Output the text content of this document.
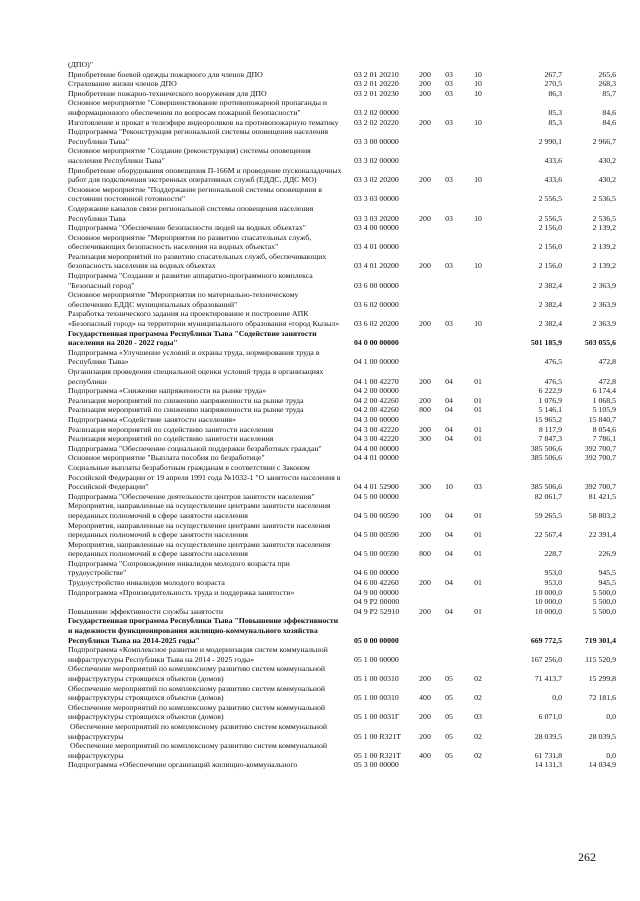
(ДПО)"
Приобретение боевой одежды пожарного для членов ДПО	03 2 01 20210	200	03	10	267,7	265,6
Страхование жизни членов ДПО	03 2 01 20220	200	03	10	270,5	268,3
Приобретение пожарно-технического вооружения для ДПО	03 2 01 20230	200	03	10	86,3	85,7
Основное мероприятие "Совершенствование противопожарной пропаганды и информационного обеспечения по вопросам пожарной безопасности"	03 2 02 00000	85,3	84,6
Изготовление и прокат в телеэфире видеороликов на противопожарную тематику	03 2 02 20220	200	03	10	85,3	84,6
Подпрограмма "Реконструкция региональной системы оповещения населения Республики Тыва"	03 3 00 00000	2 990,1	2 966,7
Основное мероприятие "Создание (реконструкция) системы оповещения населения Республики Тыва"	03 3 02 00000	433,6	430,2
Приобретение оборудования оповещения П-166М и проведение пусконаладочных работ для подключения экстренных оперативных служб (ЕДДС, ДДС МО)	03 3 02 20200	200	03	10	433,6	430,2
Основное мероприятие "Поддержание региональной системы оповещения в состоянии постоянной готовности"	03 3 03 00000	2 556,5	2 536,5
Содержание каналов связи региональной системы оповещения населения Республики Тыва	03 3 03 20200	200	03	10	2 556,5	2 536,5
Подпрограмма "Обеспечение безопасности людей на водных объектах"	03 4 00 00000	2 156,0	2 139,2
Основное мероприятие "Мероприятия по развитию спасательных служб, обеспечивающих безопасность населения на водных объектах"	03 4 01 00000	2 156,0	2 139,2
Реализация мероприятий по развитию спасательных служб, обеспечивающих безопасность населения на водных объектах	03 4 01 20200	200	03	10	2 156,0	2 139,2
Подпрограмма "Создание и развитие аппаратно-программного комплекса "Безопасный город"	03 6 00 00000	2 382,4	2 363,9
Основное мероприятие "Мероприятия по материально-техническому обеспечению ЕДДС муниципальных образований"	03 6 02 00000	2 382,4	2 363,9
Разработка технического задания на проектирование и построение АПК «Безопасный город» на территории муниципального образования «город Кызыл»	03 6 02 20200	200	03	10	2 382,4	2 363,9
Государственная программа Республики Тыва "Содействие занятости населения на 2020 - 2022 годы"	04 0 00 00000	501 185,9	503 055,6
Подпрограмма «Улучшение условий и охраны труда, нормирования труда в Республике Тыва»	04 1 00 00000	476,5	472,8
Организация проведения специальной оценки условий труда в организациях республики	04 1 00 42270	200	04	01	476,5	472,8
Подпрограмма «Снижение напряженности на рынке труда»	04 2 00 00000	6 222,9	6 174,4
Реализация мероприятий по снижению напряженности на рынке труда	04 2 00 42260	200	04	01	1 076,9	1 068,5
Реализация мероприятий по снижению напряженности на рынке труда	04 2 00 42260	800	04	01	5 146,1	5 105,9
Подпрограмма «Содействие занятости населения»	04 3 00 00000	15 965,2	15 840,7
Реализация мероприятий по содействию занятости населения	04 3 00 42220	200	04	01	8 117,9	8 054,6
Реализация мероприятий по содействию занятости населения	04 3 00 42220	300	04	01	7 847,3	7 786,1
Подпрограмма "Обеспечение социальной поддержки безработных граждан"	04 4 00 00000	385 506,6	392 700,7
Основное мероприятие "Выплата пособия по безработице"	04 4 01 00000	385 506,6	392 700,7
Социальные выплаты безработным гражданам в соответствии с Законом Российской Федерации от 19 апреля 1991 года №1032-1 "О занятости населения в Российской Федерации"	04 4 01 52900	300	10	03	385 506,6	392 700,7
Подпрограмма "Обеспечение деятельности центров занятости населения"	04 5 00 00000	82 061,7	81 421,5
Мероприятия, направленные на осуществление центрами занятости населения переданных полномочий в сфере занятости населения	04 5 00 00590	100	04	01	59 265,5	58 803,2
Мероприятия, направленные на осуществление центрами занятости населения переданных полномочий в сфере занятости населения	04 5 00 00590	200	04	01	22 567,4	22 391,4
Мероприятия, направленные на осуществление центрами занятости населения переданных полномочий в сфере занятости населения	04 5 00 00590	800	04	01	228,7	226,9
Подпрограмма "Сопровождение инвалидов молодого возраста при трудоустройстве"	04 6 00 00000	953,0	945,5
Трудоустройство инвалидов молодого возраста	04 6 00 42260	200	04	01	953,0	945,5
Подпрограмма «Производительность труда и поддержка занятости»	04 9 00 00000	10 000,0	5 500,0

04 9 P2 00000	10 000,0	5 500,0
Повышение эффективности службы занятости	04 9 P2 52910	200	04	01	10 000,0	5 500,0
Государственная программа Республики Тыва "Повышение эффективности и надежности функционирования жилищно-коммунального хозяйства Республики Тыва на 2014-2025 годы"	05 0 00 00000	669 772,5	719 301,4
Подпрограмма «Комплексное развитие и модернизация систем коммунальной инфраструктуры Республики Тыва на 2014 - 2025 годы»	05 1 00 00000	167 256,0	115 520,9
Обеспечение мероприятий по комплексному развитию систем коммунальной инфраструктуры строящихся объектов (домов)	05 1 00 00310	200	05	02	71 413,7	15 299,8
Обеспечение мероприятий по комплексному развитию систем коммунальной инфраструктуры строящихся объектов (домов)	05 1 00 00310	400	05	02	0,0	72 181,6
Обеспечение мероприятий по комплексному развитию систем коммунальной инфраструктуры строящихся объектов (домов)	05 1 00 0031Г	200	05	03	6 071,0	0,0
Обеспечение мероприятий по комплексному развитию систем коммунальной инфраструктуры	05 1 00 R321Т	200	05	02	28 039,5	28 039,5
Обеспечение мероприятий по комплексному развитию систем коммунальной инфраструктуры	05 1 00 R321Т	400	05	02	61 731,8	0,0
Подпрограмма «Обеспечение организаций жилищно-коммунального	05 3 00 00000	14 131,3	14 034,9
262
